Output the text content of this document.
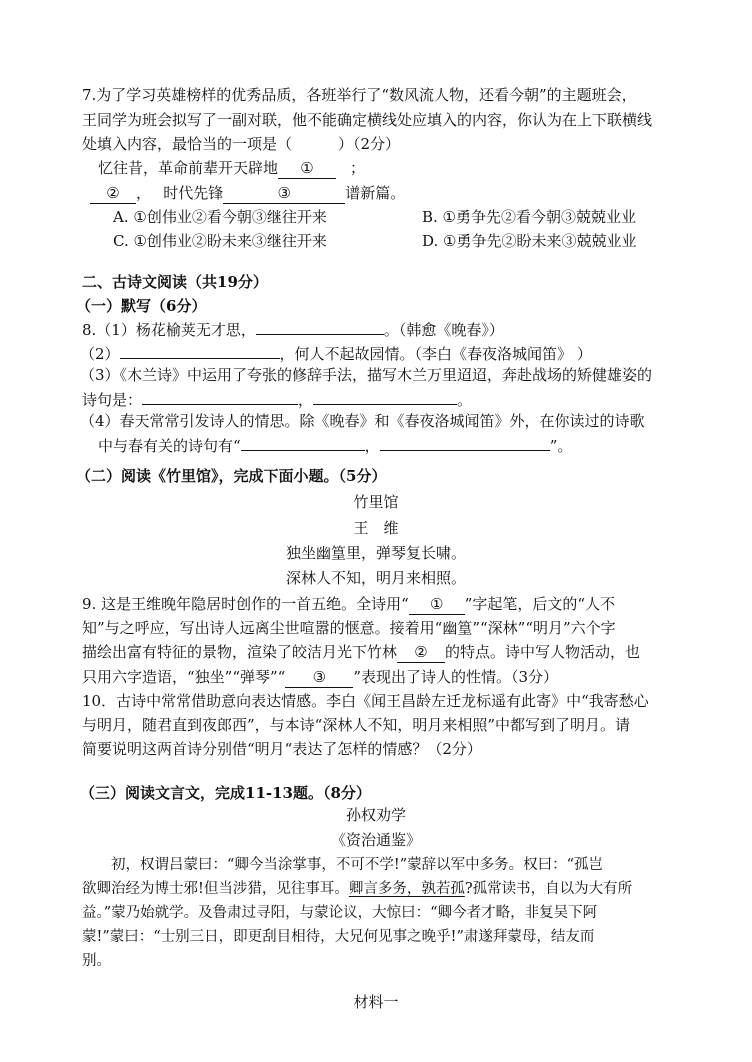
7.为了学习英雄榜样的优秀品质，各班举行了“数风流人物，还看今朝”的主题班会，
王同学为班会拟写了一副对联，他不能确定横线处应填入的内容，你认为在上下联横线
处填入内容，最恰当的一项是（	）（2分）
忆往昔，革命前辈开天辟地 ① ；
② ，　 时代先锋	③	谱新篇。
A. ①创伟业②看今朝③继往开来	B. ①勇争先②看今朝③兢兢业业
C. ①创伟业②盼未来③继往开来	D. ①勇争先②盼未来③兢兢业业
二、古诗文阅读（共19分）
（一）默写（6分）
8.（1）杨花榆荚无才思，	。（韩愈《晚春》）
（2）	，何人不起故园情。（李白《春夜洛城闻笛》 ）
（3）《木兰诗》中运用了夸张的修辞手法，描写木兰万里迢迢，奔赴战场的矫健雄姿的
诗句是：	，	。
（4）春天常常引发诗人的情思。除《晚春》和《春夜洛城闻笛》外，在你读过的诗歌
中与春有关的诗句有“	，	”。
（二）阅读《竹里馆》，完成下面小题。（5分）
竹里馆
王　维
独坐幽篁里，弹琴复长啸。
深林人不知，明月来相照。
9. 这是王维晚年隐居时创作的一首五绝。全诗用“ ① ”字起笔，后文的“人不
知”与之呼应，写出诗人远离尘世喧嚣的惬意。接着用“幽篁”“深林”“明月”六个字
描绘出富有特征的景物，渲染了皎洁月光下竹林 ② 的特点。诗中写人物活动，也
只用六字造语，“独坐”“弹琴”“ ③ ”表现出了诗人的性情。（3分）
10．古诗中常常借助意向表达情感。李白《闻王昌龄左迁龙标遥有此寄》中“我寄愁心
与明月，随君直到夜郎西”，与本诗“深林人不知，明月来相照”中都写到了明月。请
简要说明这两首诗分别借“明月“表达了怎样的情感？（2分）
（三）阅读文言文，完成11-13题。（8分）
孙权劝学
《资治通鉴》
　　初，权谓吕蒙曰：“卿今当涂掌事，不可不学!”蒙辞以军中多务。权曰：“孤岂
欲卿治经为博士邪!但当涉猎，见往事耳。卿言多务，孰若孤?孤常读书，自以为大有所
益。”蒙乃始就学。及鲁肃过寻阳，与蒙论议，大惊曰：“卿今者才略，非复吴下阿
蒙!”蒙曰：“士别三日，即更刮目相待，大兄何见事之晚乎!”肃遂拜蒙母，结友而
别。
材料一
